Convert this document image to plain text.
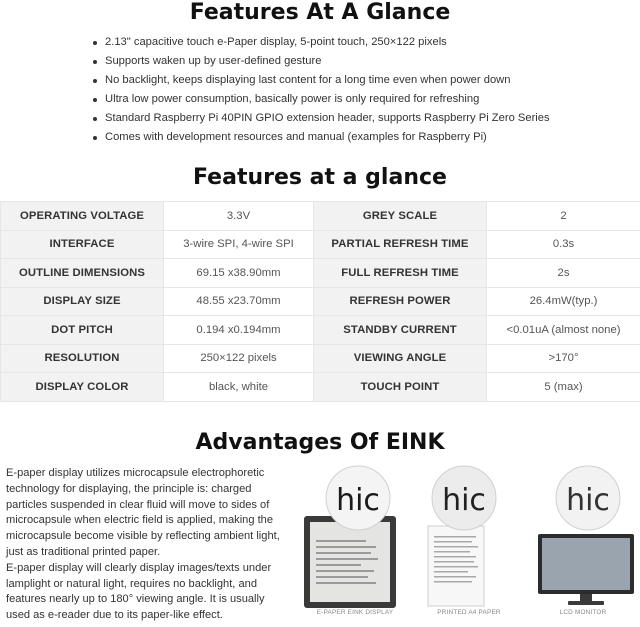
Features At A Glance
2.13" capacitive touch e-Paper display, 5-point touch, 250×122 pixels
Supports waken up by user-defined gesture
No backlight, keeps displaying last content for a long time even when power down
Ultra low power consumption, basically power is only required for refreshing
Standard Raspberry Pi 40PIN GPIO extension header, supports Raspberry Pi Zero Series
Comes with development resources and manual (examples for Raspberry Pi)
Features at a glance
OPERATING VOLTAGE	3.3V	GREY SCALE	2
INTERFACE	3-wire SPI, 4-wire SPI	PARTIAL REFRESH TIME	0.3s
OUTLINE DIMENSIONS	69.15 x38.90mm	FULL REFRESH TIME	2s
DISPLAY SIZE	48.55 x23.70mm	REFRESH POWER	26.4mW(typ.)
DOT PITCH	0.194 x0.194mm	STANDBY CURRENT	<0.01uA (almost none)
RESOLUTION	250×122 pixels	VIEWING ANGLE	>170°
DISPLAY COLOR	black, white	TOUCH POINT	5 (max)
Advantages Of EINK

E-paper display utilizes microcapsule electrophoretic technology for displaying, the principle is: charged particles suspended in clear fluid will move to sides of microcapsule when electric field is applied, making the microcapsule become visible by reflecting ambient light, just as traditional printed paper.

E-paper display will clearly display images/texts under lamplight or natural light, requires no backlight, and features nearly up to 180° viewing angle. It is usually used as e-reader due to its paper-like effect.

hic
E-PAPER EINK DISPLAY
hic
PRINTED A4 PAPER
hic
LCD MONITOR
